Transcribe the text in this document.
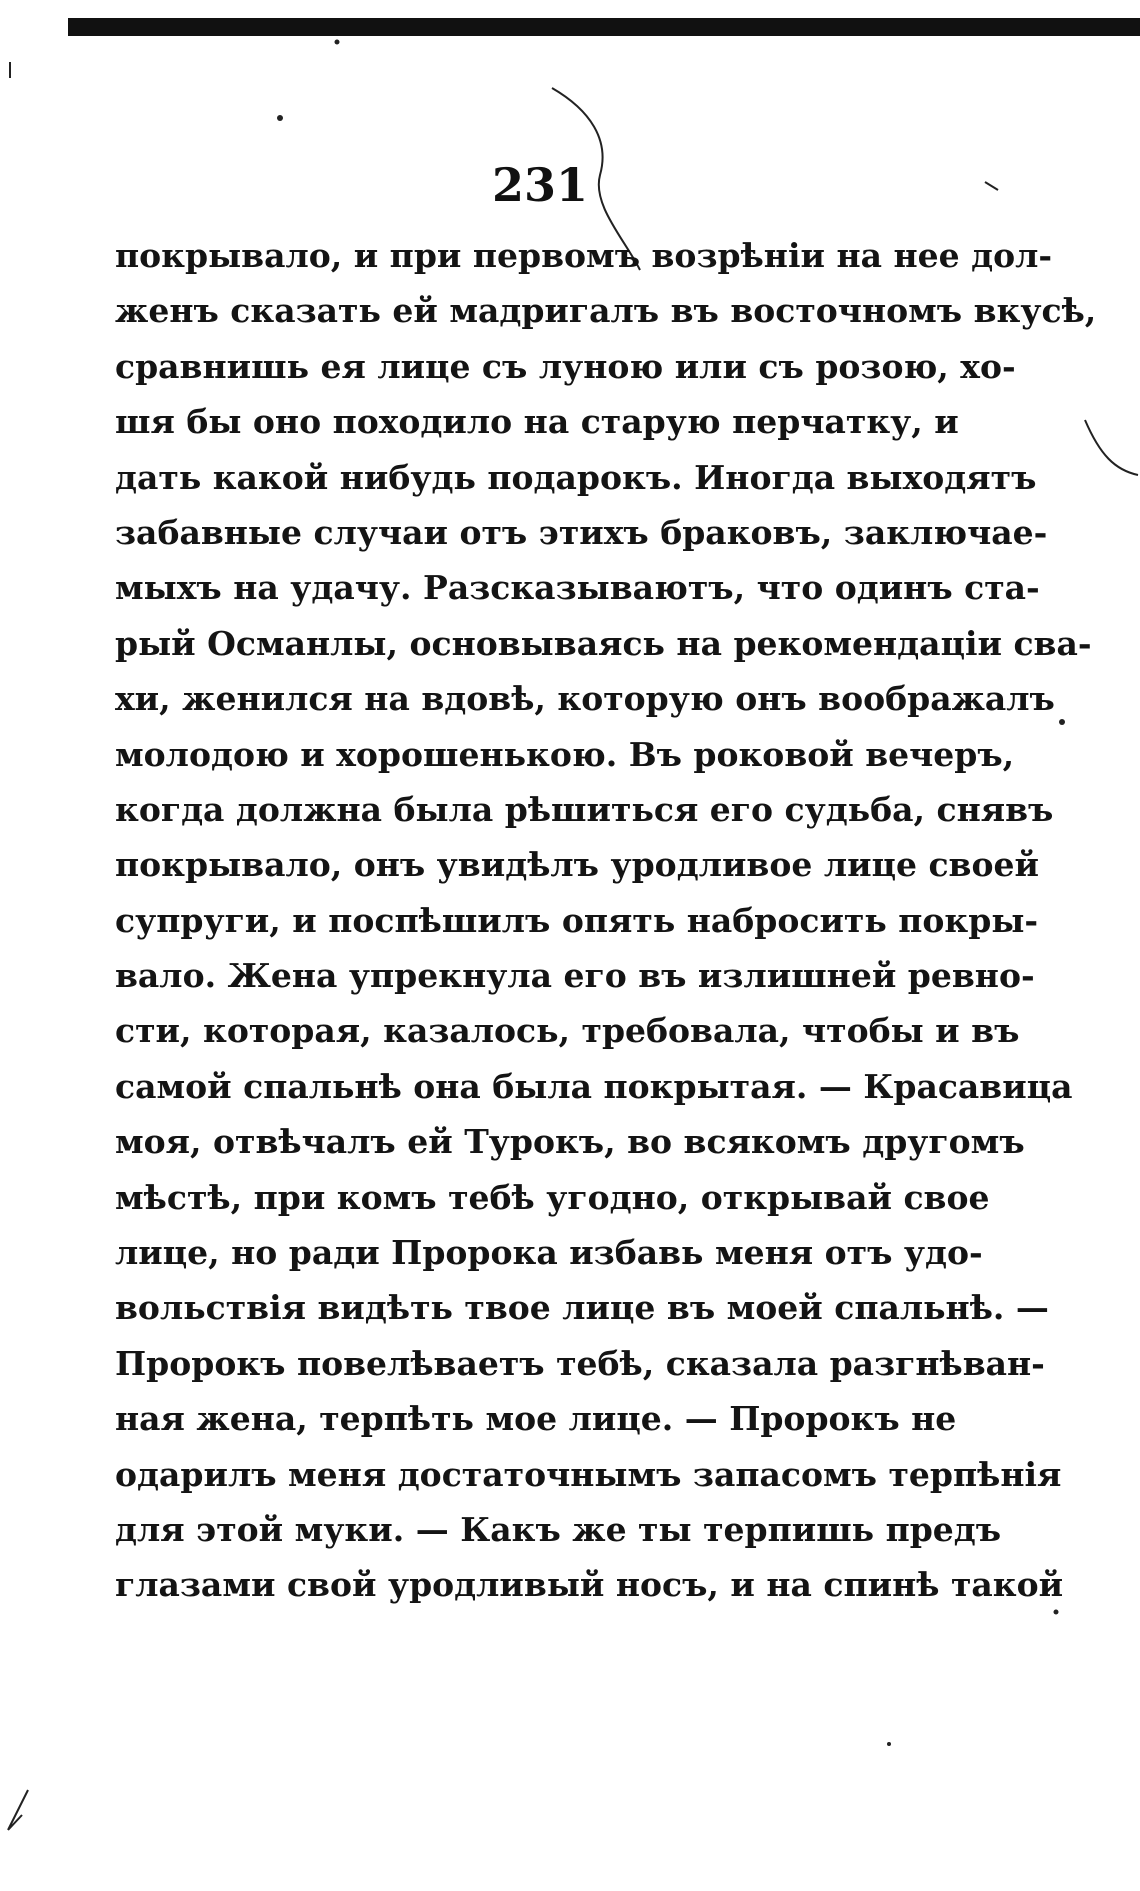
231
покрывало, и при первомъ возрѣніи на нее дол-
женъ сказать ей мадригалъ въ восточномъ вкусѣ,
сравнишь ея лице съ луною или съ розою, хо-
шя бы оно походило на старую перчатку, и
дать какой нибудь подарокъ. Иногда выходятъ
забавные случаи отъ этихъ браковъ, заключае-
мыхъ на удачу. Разсказываютъ, что одинъ ста-
рый Османлы, основываясь на рекомендаціи сва-
хи, женился на вдовѣ, которую онъ воображалъ
молодою и хорошенькою. Въ роковой вечеръ,
когда должна была рѣшиться его судьба, снявъ
покрывало, онъ увидѣлъ уродливое лице своей
супруги, и поспѣшилъ опять набросить покры-
вало. Жена упрекнула его въ излишней ревно-
сти, которая, казалось, требовала, чтобы и въ
самой спальнѣ она была покрытая. — Красавица
моя, отвѣчалъ ей Турокъ, во всякомъ другомъ
мѣстѣ, при комъ тебѣ угодно, открывай свое
лице, но ради Пророка избавь меня отъ удо-
вольствія видѣть твое лице въ моей спальнѣ. —
Пророкъ повелѣваетъ тебѣ, сказала разгнѣван-
ная жена, терпѣть мое лице. — Пророкъ не
одарилъ меня достаточнымъ запасомъ терпѣнія
для этой муки. — Какъ же ты терпишь предъ
глазами свой уродливый носъ, и на спинѣ такой
